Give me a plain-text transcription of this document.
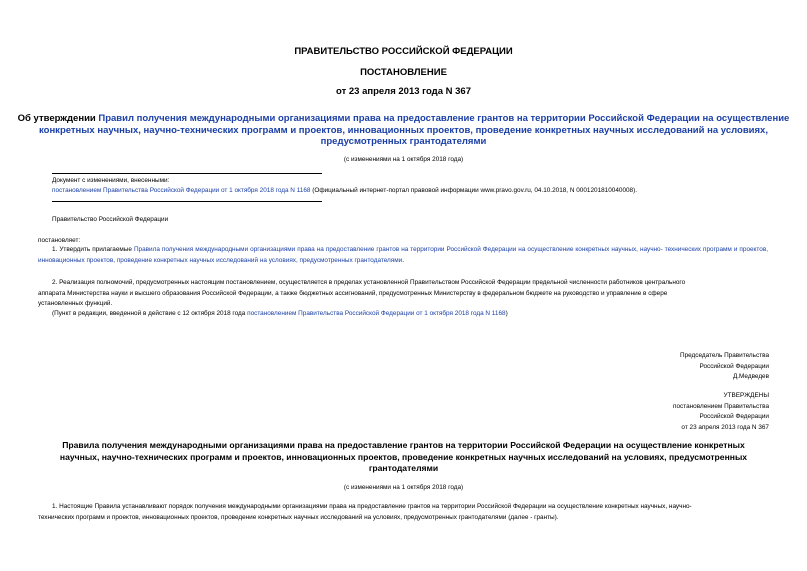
ПРАВИТЕЛЬСТВО РОССИЙСКОЙ ФЕДЕРАЦИИ
ПОСТАНОВЛЕНИЕ
от 23 апреля 2013 года N 367
Об утверждении Правил получения международными организациями права на предоставление грантов на территории Российской Федерации на осуществление
конкретных научных, научно-технических программ и проектов, инновационных проектов, проведение конкретных научных исследований на условиях,
предусмотренных грантодателями
(с изменениями на 1 октября 2018 года)
Документ с изменениями, внесенными:
постановлением Правительства Российской Федерации от 1 октября 2018 года N 1168 (Официальный интернет-портал правовой информации www.pravo.gov.ru, 04.10.2018, N 0001201810040008).
Правительство Российской Федерации
постановляет:
1. Утвердить прилагаемые Правила получения международными организациями права на предоставление грантов на территории Российской Федерации на осуществление конкретных научных, научно- технических программ и проектов, инновационных проектов, проведение конкретных научных исследований на условиях, предусмотренных грантодателями.
2. Реализация полномочий, предусмотренных настоящим постановлением, осуществляется в пределах установленной Правительством Российской Федерации предельной численности работников центрального
аппарата Министерства науки и высшего образования Российской Федерации, а также бюджетных ассигнований, предусмотренных Министерству в федеральном бюджете на руководство и управление в сфере
установленных функций.
(Пункт в редакции, введенной в действие с 12 октября 2018 года постановлением Правительства Российской Федерации от 1 октября 2018 года N 1168)
Председатель Правительства
Российской Федерации
Д.Медведев
УТВЕРЖДЕНЫ
постановлением Правительства
Российской Федерации
от 23 апреля 2013 года N 367
Правила получения международными организациями права на предоставление грантов на территории Российской Федерации на осуществление конкретных
научных, научно-технических программ и проектов, инновационных проектов, проведение конкретных научных исследований на условиях, предусмотренных
грантодателями
(с изменениями на 1 октября 2018 года)
1. Настоящие Правила устанавливают порядок получения международными организациями права на предоставление грантов на территории Российской Федерации на осуществление конкретных научных, научно-
технических программ и проектов, инновационных проектов, проведение конкретных научных исследований на условиях, предусмотренных грантодателями (далее - гранты).
